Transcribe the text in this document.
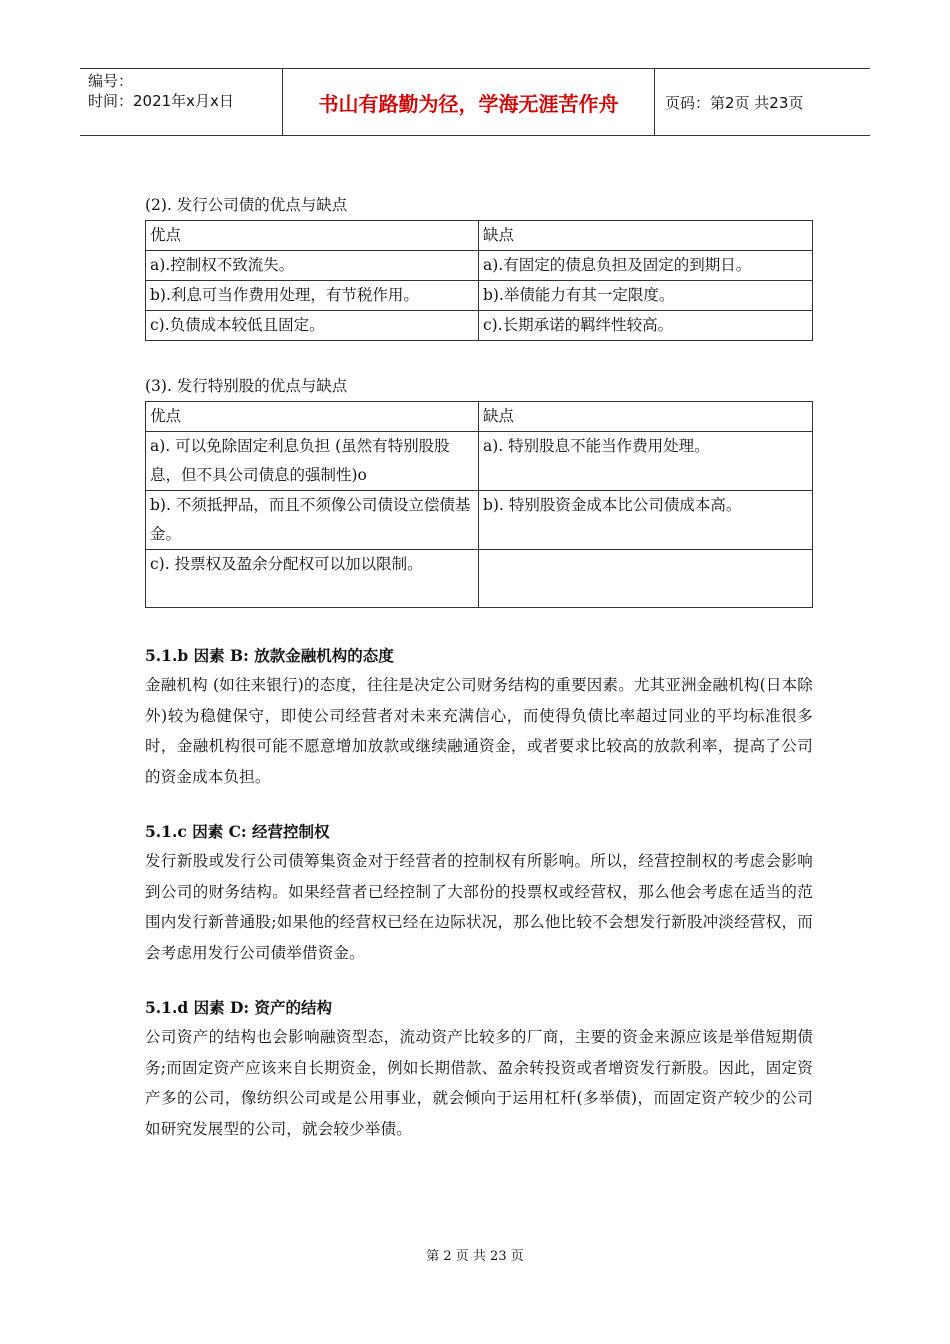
编号：
时间：2021年x月x日	书山有路勤为径，学海无涯苦作舟	页码：第2页 共23页

(2). 发行公司债的优点与缺点

优点	缺点
a).控制权不致流失。	a).有固定的债息负担及固定的到期日。
b).利息可当作费用处理，有节税作用。	b).举债能力有其一定限度。
c).负债成本较低且固定。	c).长期承诺的羁绊性较高。

(3). 发行特别股的优点与缺点

优点	缺点
a). 可以免除固定利息负担 (虽然有特别股股息，但不具公司债息的强制性)o	a). 特别股息不能当作费用处理。
b). 不须抵押品，而且不须像公司债设立偿债基金。	b). 特别股资金成本比公司债成本高。
c). 投票权及盈余分配权可以加以限制。	
5.1.b 因素 B: 放款金融机构的态度

金融机构 (如往来银行)的态度，往往是决定公司财务结构的重要因素。尤其亚洲金融机构(日本除外)较为稳健保守，即使公司经营者对未来充满信心，而使得负债比率超过同业的平均标准很多时，金融机构很可能不愿意增加放款或继续融通资金，或者要求比较高的放款利率，提高了公司的资金成本负担。

5.1.c 因素 C: 经营控制权

发行新股或发行公司债筹集资金对于经营者的控制权有所影响。所以，经营控制权的考虑会影响到公司的财务结构。如果经营者已经控制了大部份的投票权或经营权，那么他会考虑在适当的范围内发行新普通股;如果他的经营权已经在边际状况，那么他比较不会想发行新股冲淡经营权，而会考虑用发行公司债举借资金。

5.1.d 因素 D: 资产的结构

公司资产的结构也会影响融资型态，流动资产比较多的厂商，主要的资金来源应该是举借短期债务;而固定资产应该来自长期资金，例如长期借款、盈余转投资或者增资发行新股。因此，固定资产多的公司，像纺织公司或是公用事业，就会倾向于运用杠杆(多举债)，而固定资产较少的公司如研究发展型的公司，就会较少举债。

第 2 页 共 23 页
